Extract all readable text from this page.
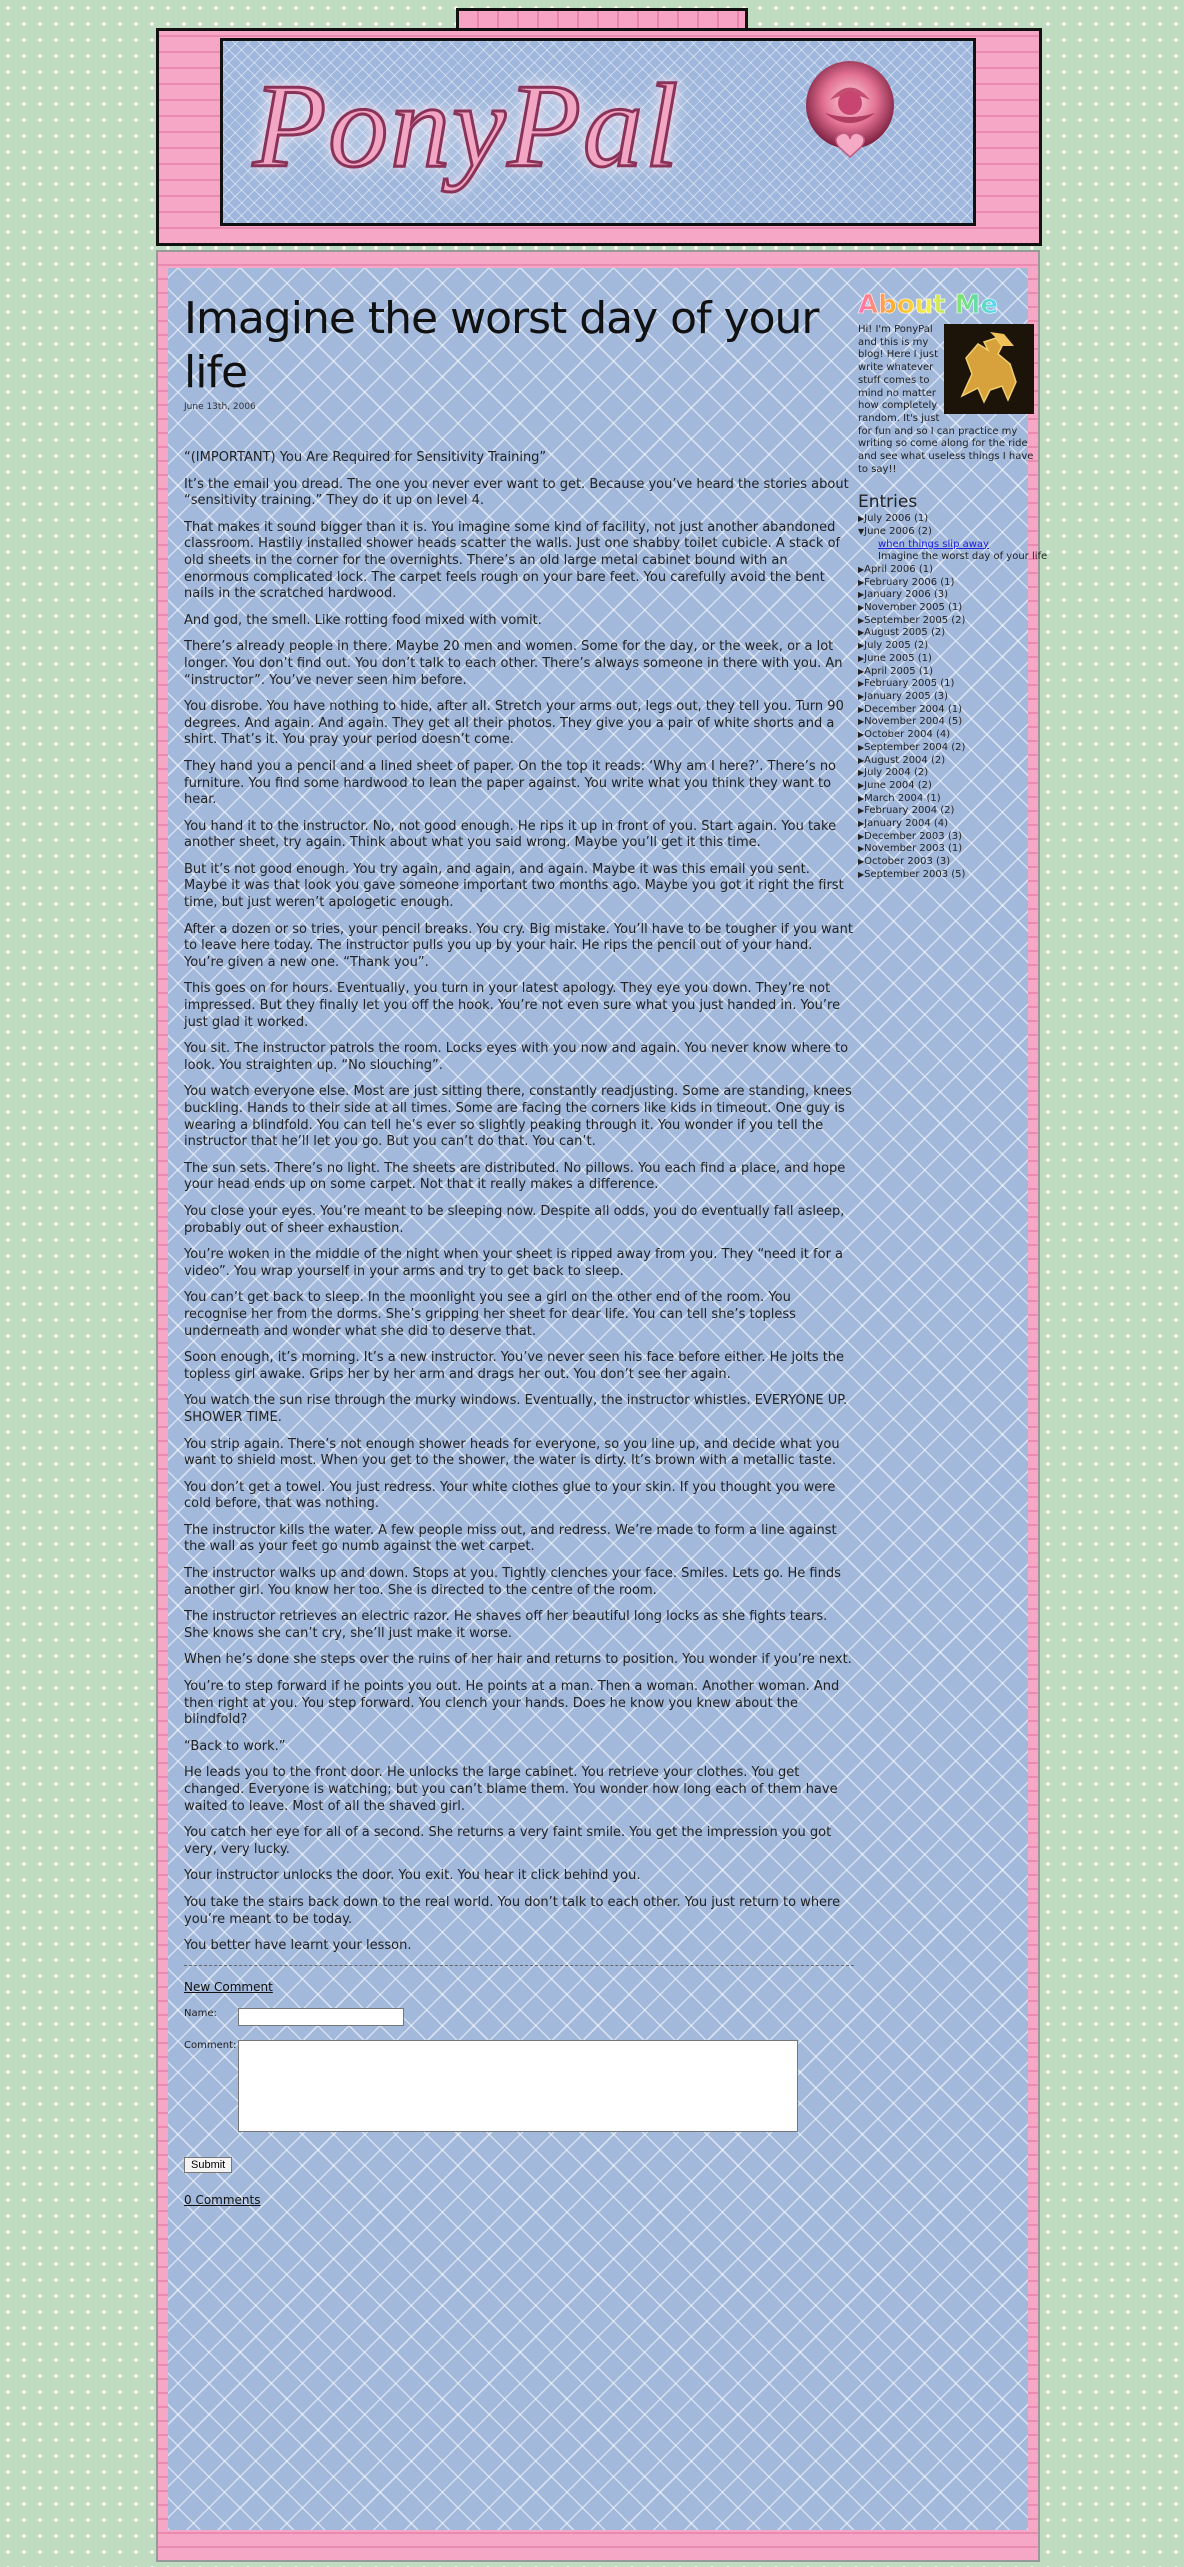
PonyPal
Imagine the worst day of your life
June 13th, 2006

“(IMPORTANT) You Are Required for Sensitivity Training”

It’s the email you dread. The one you never ever want to get. Because you’ve heard the stories about “sensitivity training.” They do it up on level 4.

That makes it sound bigger than it is. You imagine some kind of facility, not just another abandoned classroom. Hastily installed shower heads scatter the walls. Just one shabby toilet cubicle. A stack of old sheets in the corner for the overnights. There’s an old large metal cabinet bound with an enormous complicated lock. The carpet feels rough on your bare feet. You carefully avoid the bent nails in the scratched hardwood.

And god, the smell. Like rotting food mixed with vomit.

There’s already people in there. Maybe 20 men and women. Some for the day, or the week, or a lot longer. You don’t find out. You don’t talk to each other. There’s always someone in there with you. An “instructor”. You’ve never seen him before.

You disrobe. You have nothing to hide, after all. Stretch your arms out, legs out, they tell you. Turn 90 degrees. And again. And again. They get all their photos. They give you a pair of white shorts and a shirt. That’s it. You pray your period doesn’t come.

They hand you a pencil and a lined sheet of paper. On the top it reads: ‘Why am I here?’. There’s no furniture. You find some hardwood to lean the paper against. You write what you think they want to hear.

You hand it to the instructor. No, not good enough. He rips it up in front of you. Start again. You take another sheet, try again. Think about what you said wrong. Maybe you’ll get it this time.

But it’s not good enough. You try again, and again, and again. Maybe it was this email you sent. Maybe it was that look you gave someone important two months ago. Maybe you got it right the first time, but just weren’t apologetic enough.

After a dozen or so tries, your pencil breaks. You cry. Big mistake. You’ll have to be tougher if you want to leave here today. The instructor pulls you up by your hair. He rips the pencil out of your hand. You’re given a new one. “Thank you”.

This goes on for hours. Eventually, you turn in your latest apology. They eye you down. They’re not impressed. But they finally let you off the hook. You’re not even sure what you just handed in. You’re just glad it worked.

You sit. The instructor patrols the room. Locks eyes with you now and again. You never know where to look. You straighten up. “No slouching”.

You watch everyone else. Most are just sitting there, constantly readjusting. Some are standing, knees buckling. Hands to their side at all times. Some are facing the corners like kids in timeout. One guy is wearing a blindfold. You can tell he’s ever so slightly peaking through it. You wonder if you tell the instructor that he’ll let you go. But you can’t do that. You can’t.

The sun sets. There’s no light. The sheets are distributed. No pillows. You each find a place, and hope your head ends up on some carpet. Not that it really makes a difference.

You close your eyes. You’re meant to be sleeping now. Despite all odds, you do eventually fall asleep, probably out of sheer exhaustion.

You’re woken in the middle of the night when your sheet is ripped away from you. They “need it for a video”. You wrap yourself in your arms and try to get back to sleep.

You can’t get back to sleep. In the moonlight you see a girl on the other end of the room. You recognise her from the dorms. She’s gripping her sheet for dear life. You can tell she’s topless underneath and wonder what she did to deserve that.

Soon enough, it’s morning. It’s a new instructor. You’ve never seen his face before either. He jolts the topless girl awake. Grips her by her arm and drags her out. You don’t see her again.

You watch the sun rise through the murky windows. Eventually, the instructor whistles. EVERYONE UP. SHOWER TIME.

You strip again. There’s not enough shower heads for everyone, so you line up, and decide what you want to shield most. When you get to the shower, the water is dirty. It’s brown with a metallic taste.

You don’t get a towel. You just redress. Your white clothes glue to your skin. If you thought you were cold before, that was nothing.

The instructor kills the water. A few people miss out, and redress. We’re made to form a line against the wall as your feet go numb against the wet carpet.

The instructor walks up and down. Stops at you. Tightly clenches your face. Smiles. Lets go. He finds another girl. You know her too. She is directed to the centre of the room.

The instructor retrieves an electric razor. He shaves off her beautiful long locks as she fights tears. She knows she can’t cry, she’ll just make it worse.

When he’s done she steps over the ruins of her hair and returns to position. You wonder if you’re next.

You’re to step forward if he points you out. He points at a man. Then a woman. Another woman. And then right at you. You step forward. You clench your hands. Does he know you knew about the blindfold?

“Back to work.”

He leads you to the front door. He unlocks the large cabinet. You retrieve your clothes. You get changed. Everyone is watching; but you can’t blame them. You wonder how long each of them have waited to leave. Most of all the shaved girl.

You catch her eye for all of a second. She returns a very faint smile. You get the impression you got very, very lucky.

Your instructor unlocks the door. You exit. You hear it click behind you.

You take the stairs back down to the real world. You don’t talk to each other. You just return to where you’re meant to be today.

You better have learnt your lesson.

New Comment
Name:
Comment:
Submit
0 Comments
About Me
Hi! I'm PonyPal and this is my blog! Here I just write whatever stuff comes to mind no matter how completely random. It's just for fun and so I can practice my writing so come along for the ride and see what useless things I have to say!!
Entries
▶July 2006 (1)
▼June 2006 (2)
when things slip away
Imagine the worst day of your life
▶April 2006 (1)
▶February 2006 (1)
▶January 2006 (3)
▶November 2005 (1)
▶September 2005 (2)
▶August 2005 (2)
▶July 2005 (2)
▶June 2005 (1)
▶April 2005 (1)
▶February 2005 (1)
▶January 2005 (3)
▶December 2004 (1)
▶November 2004 (5)
▶October 2004 (4)
▶September 2004 (2)
▶August 2004 (2)
▶July 2004 (2)
▶June 2004 (2)
▶March 2004 (1)
▶February 2004 (2)
▶January 2004 (4)
▶December 2003 (3)
▶November 2003 (1)
▶October 2003 (3)
▶September 2003 (5)
